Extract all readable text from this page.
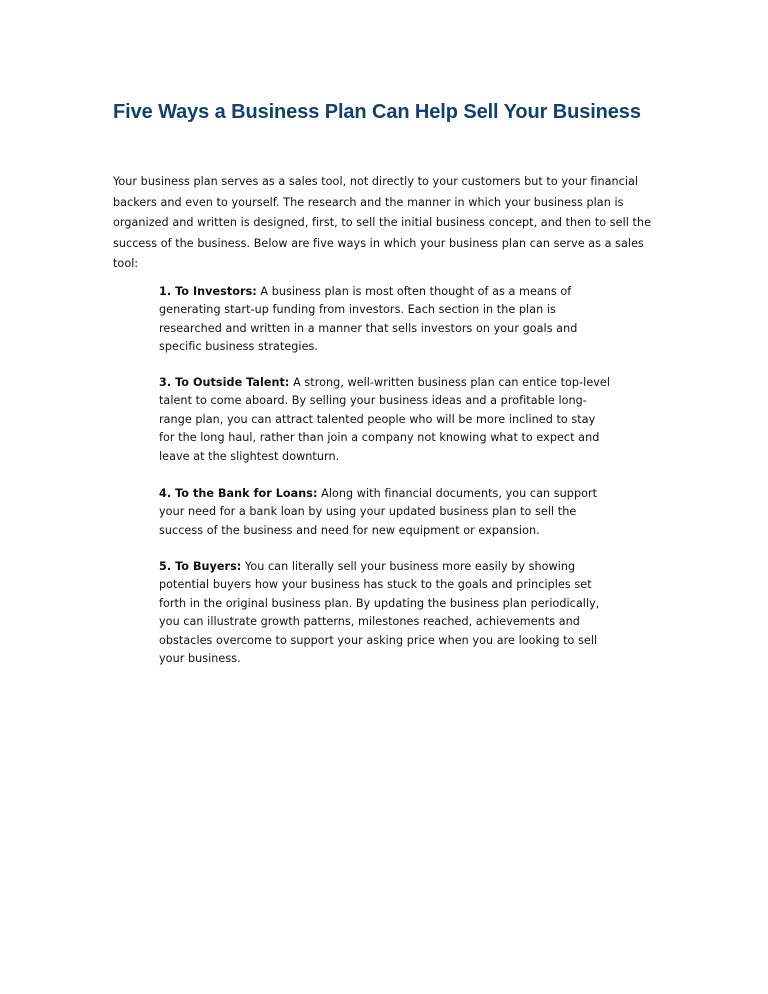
Five Ways a Business Plan Can Help Sell Your Business

Your business plan serves as a sales tool, not directly to your customers but to your financial backers and even to yourself. The research and the manner in which your business plan is organized and written is designed, first, to sell the initial business concept, and then to sell the success of the business. Below are five ways in which your business plan can serve as a sales tool:

1. To Investors: A business plan is most often thought of as a means of generating start-up funding from investors. Each section in the plan is researched and written in a manner that sells investors on your goals and specific business strategies.

3. To Outside Talent: A strong, well-written business plan can entice top-level talent to come aboard. By selling your business ideas and a profitable long-range plan, you can attract talented people who will be more inclined to stay for the long haul, rather than join a company not knowing what to expect and leave at the slightest downturn.

4. To the Bank for Loans: Along with financial documents, you can support your need for a bank loan by using your updated business plan to sell the success of the business and need for new equipment or expansion.

5. To Buyers: You can literally sell your business more easily by showing potential buyers how your business has stuck to the goals and principles set forth in the original business plan. By updating the business plan periodically, you can illustrate growth patterns, milestones reached, achievements and obstacles overcome to support your asking price when you are looking to sell your business.
